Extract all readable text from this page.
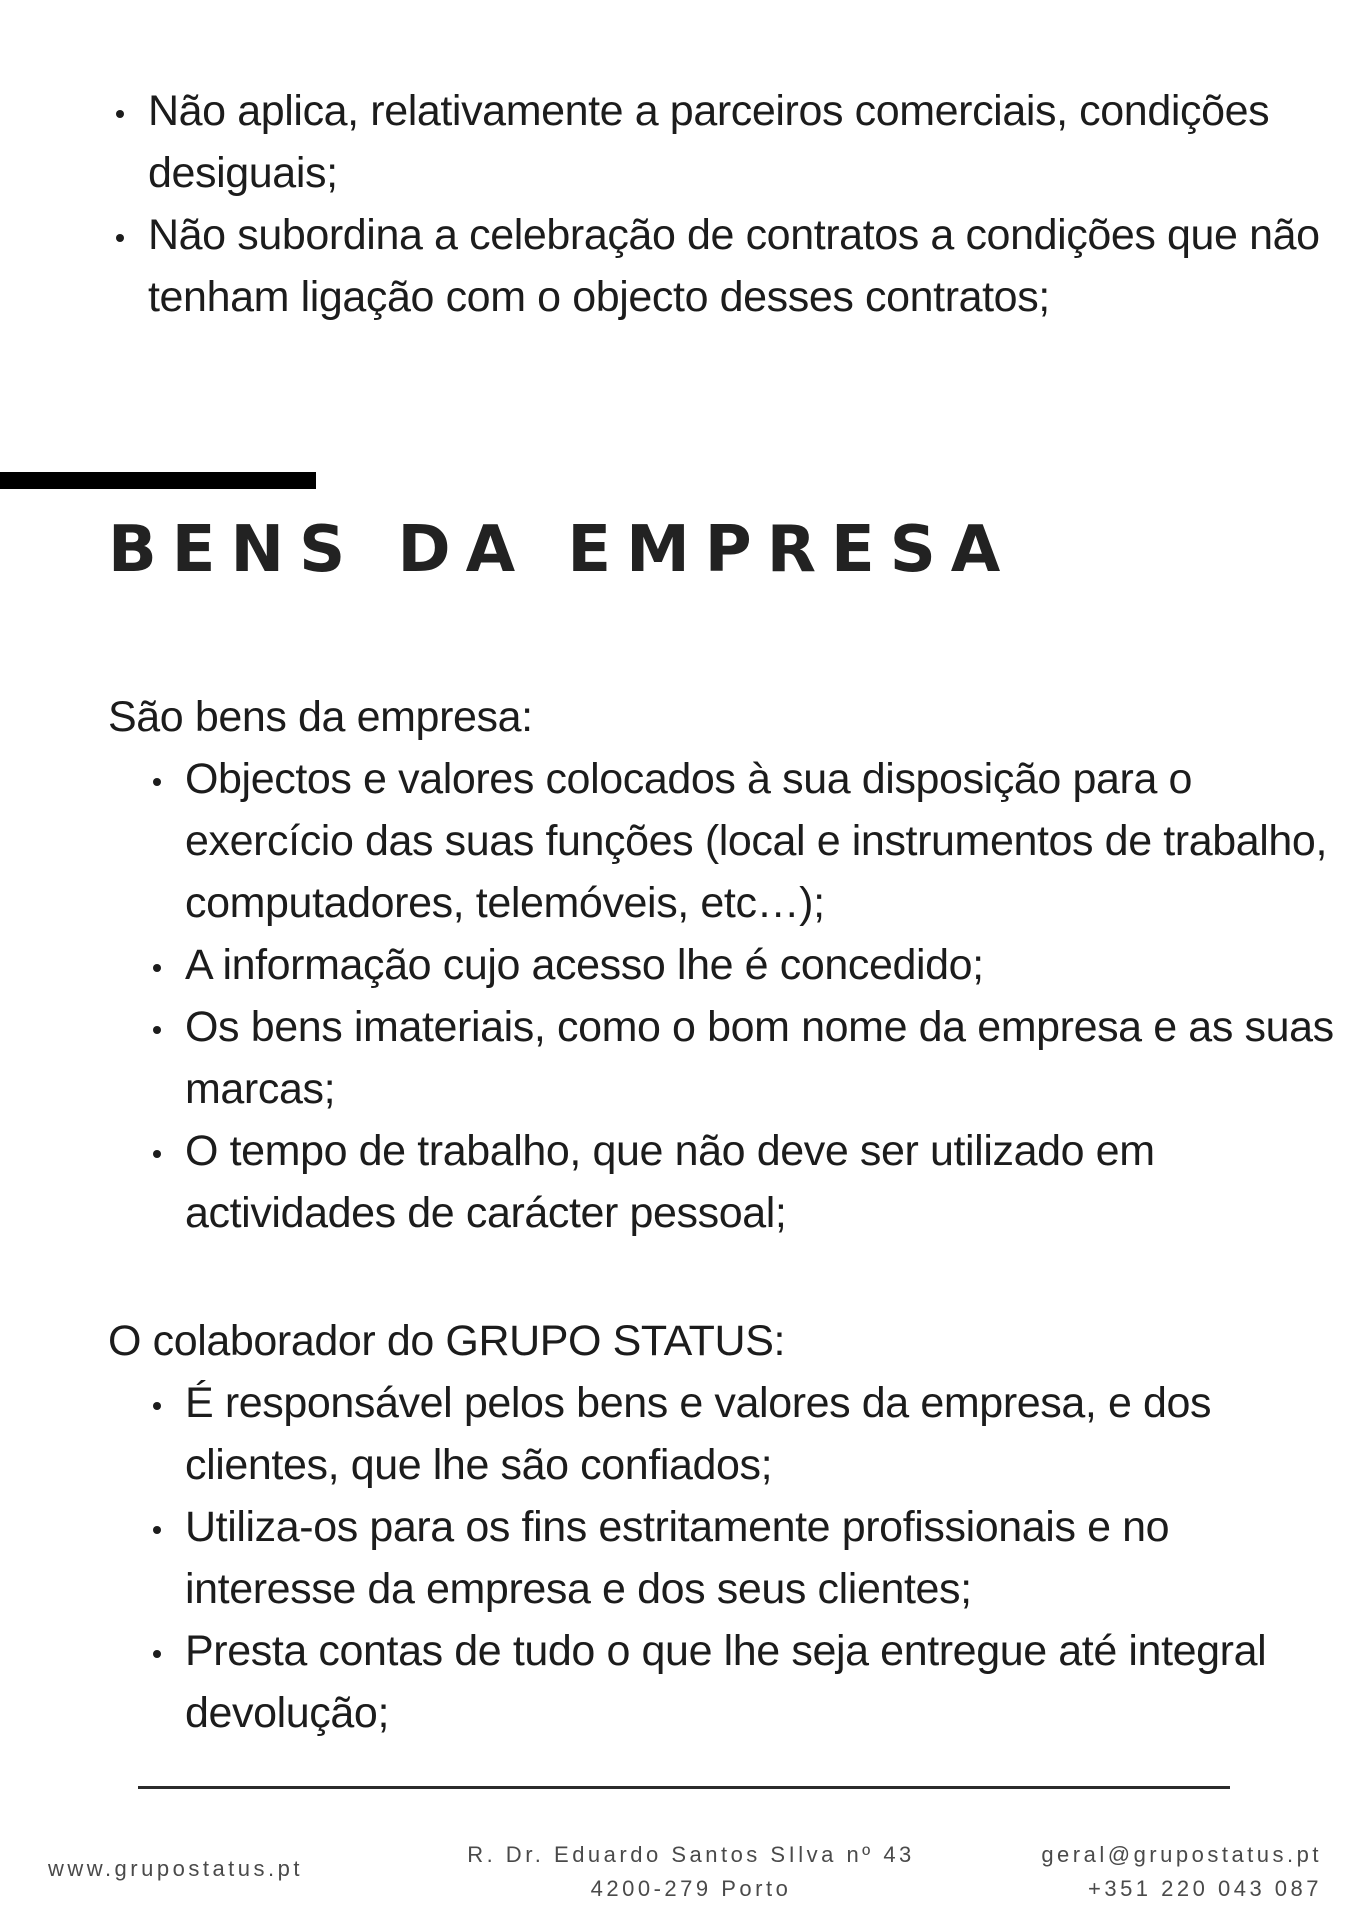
Não aplica, relativamente a parceiros comerciais, condições desiguais;
Não subordina a celebração de contratos a condições que não tenham ligação com o objecto desses contratos;
BENS DA EMPRESA

São bens da empresa:

Objectos e valores colocados à sua disposição para o exercício das suas funções (local e instrumentos de trabalho, computadores, telemóveis, etc…);
A informação cujo acesso lhe é concedido;
Os bens imateriais, como o bom nome da empresa e as suas marcas;
O tempo de trabalho, que não deve ser utilizado em actividades de carácter pessoal;

O colaborador do GRUPO STATUS:

É responsável pelos bens e valores da empresa, e dos clientes, que lhe são confiados;
Utiliza-os para os fins estritamente profissionais e no interesse da empresa e dos seus clientes;
Presta contas de tudo o que lhe seja entregue até integral devolução;

www.grupostatus.pt

R. Dr. Eduardo Santos SIlva nº 43
4200-279 Porto

geral@grupostatus.pt
+351 220 043 087
